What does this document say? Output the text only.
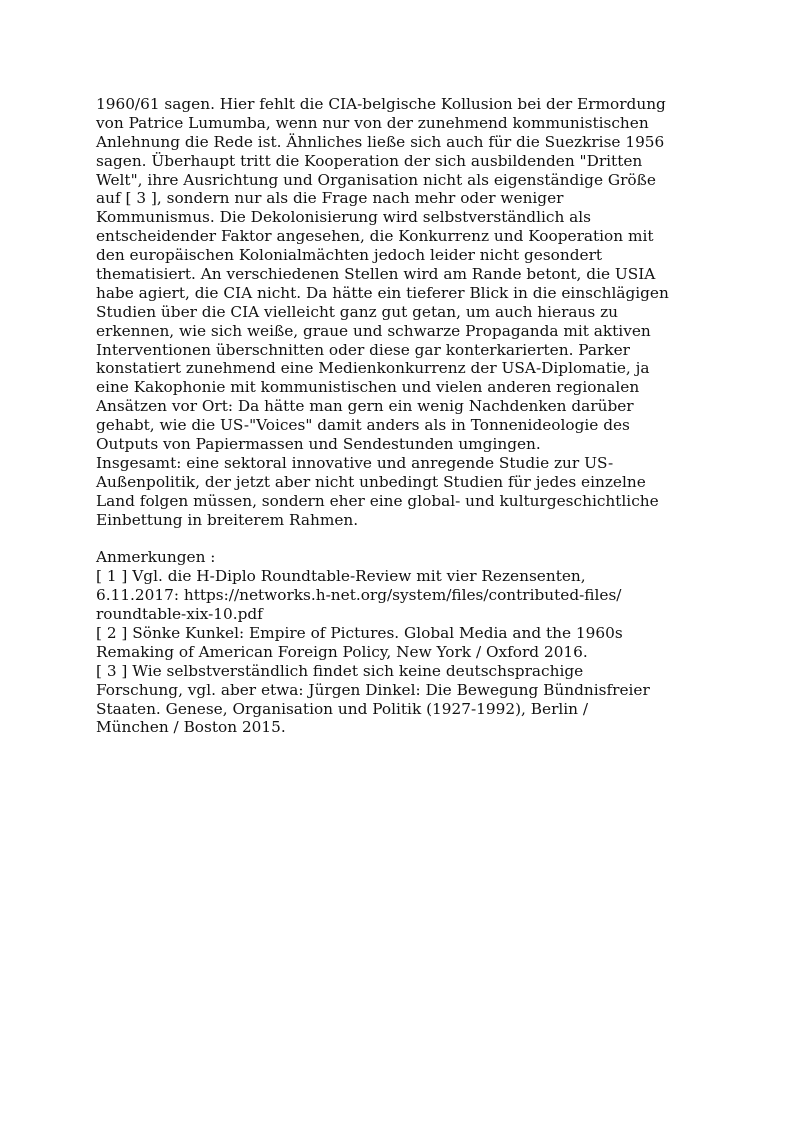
1960/61 sagen. Hier fehlt die CIA-belgische Kollusion bei der Ermordung
von Patrice Lumumba, wenn nur von der zunehmend kommunistischen
Anlehnung die Rede ist. Ähnliches ließe sich auch für die Suezkrise 1956
sagen. Überhaupt tritt die Kooperation der sich ausbildenden "Dritten
Welt", ihre Ausrichtung und Organisation nicht als eigenständige Größe
auf [ 3 ], sondern nur als die Frage nach mehr oder weniger
Kommunismus. Die Dekolonisierung wird selbstverständlich als
entscheidender Faktor angesehen, die Konkurrenz und Kooperation mit
den europäischen Kolonialmächten jedoch leider nicht gesondert
thematisiert. An verschiedenen Stellen wird am Rande betont, die USIA
habe agiert, die CIA nicht. Da hätte ein tieferer Blick in die einschlägigen
Studien über die CIA vielleicht ganz gut getan, um auch hieraus zu
erkennen, wie sich weiße, graue und schwarze Propaganda mit aktiven
Interventionen überschnitten oder diese gar konterkarierten. Parker
konstatiert zunehmend eine Medienkonkurrenz der USA-Diplomatie, ja
eine Kakophonie mit kommunistischen und vielen anderen regionalen
Ansätzen vor Ort: Da hätte man gern ein wenig Nachdenken darüber
gehabt, wie die US-"Voices" damit anders als in Tonnenideologie des
Outputs von Papiermassen und Sendestunden umgingen.
Insgesamt: eine sektoral innovative und anregende Studie zur US-
Außenpolitik, der jetzt aber nicht unbedingt Studien für jedes einzelne
Land folgen müssen, sondern eher eine global- und kulturgeschichtliche
Einbettung in breiterem Rahmen.
Anmerkungen :
[ 1 ] Vgl. die H-Diplo Roundtable-Review mit vier Rezensenten,
6.11.2017: https://networks.h-net.org/system/files/contributed-files/
roundtable-xix-10.pdf
[ 2 ] Sönke Kunkel: Empire of Pictures. Global Media and the 1960s
Remaking of American Foreign Policy, New York / Oxford 2016.
[ 3 ] Wie selbstverständlich findet sich keine deutschsprachige
Forschung, vgl. aber etwa: Jürgen Dinkel: Die Bewegung Bündnisfreier
Staaten. Genese, Organisation und Politik (1927-1992), Berlin /
München / Boston 2015.
